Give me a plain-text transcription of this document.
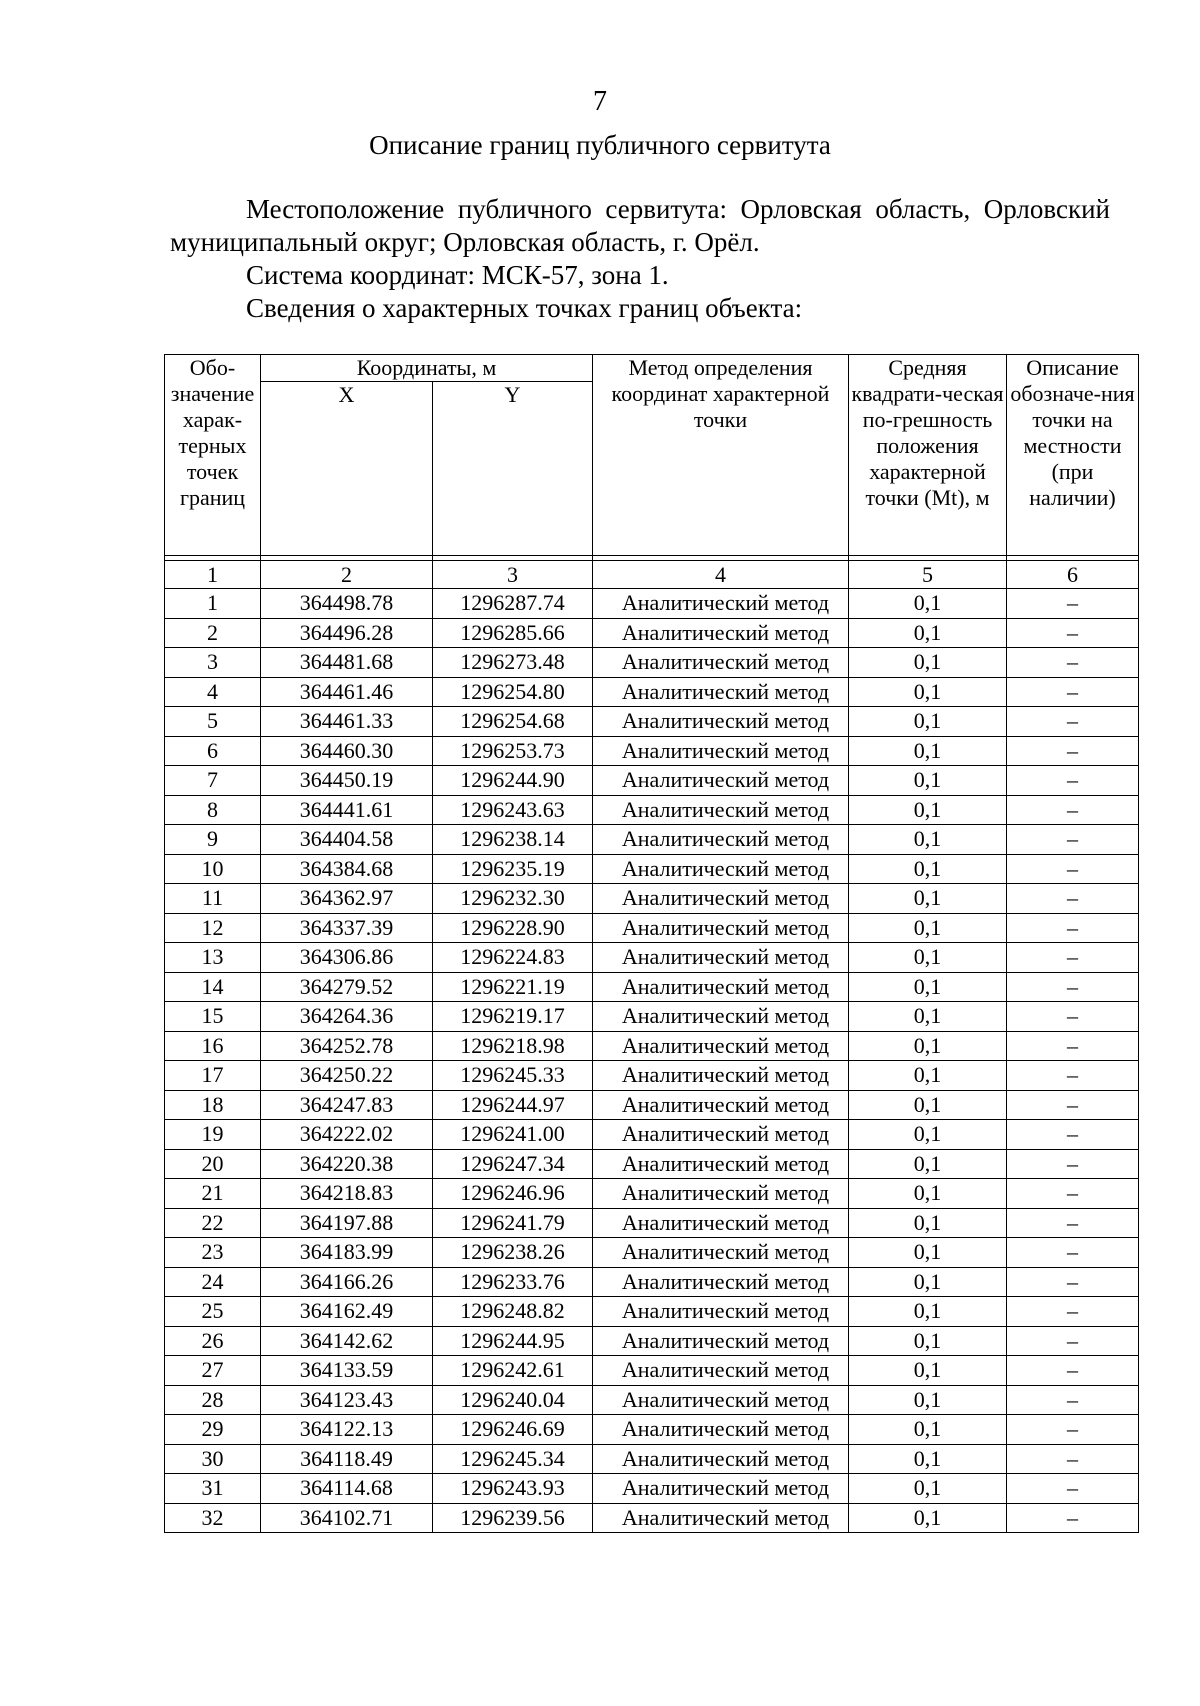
7
Описание границ публичного сервитута
Местоположение публичного сервитута: Орловская область, Орловский муниципальный округ; Орловская область, г. Орёл.
Система координат: МСК-57, зона 1.
Сведения о характерных точках границ объекта:
Обо-значение харак-терных точек границ	Координаты, м		Метод определения координат характерной точки	Средняя квадрати-ческая по-грешность положения характерной точки (Mt), м	Описание обозначе-ния точки на местности (при наличии)
	X	Y			

1	2	3	4	5	6
1	364498.78	1296287.74	Аналитический метод	0,1	–
2	364496.28	1296285.66	Аналитический метод	0,1	–
3	364481.68	1296273.48	Аналитический метод	0,1	–
4	364461.46	1296254.80	Аналитический метод	0,1	–
5	364461.33	1296254.68	Аналитический метод	0,1	–
6	364460.30	1296253.73	Аналитический метод	0,1	–
7	364450.19	1296244.90	Аналитический метод	0,1	–
8	364441.61	1296243.63	Аналитический метод	0,1	–
9	364404.58	1296238.14	Аналитический метод	0,1	–
10	364384.68	1296235.19	Аналитический метод	0,1	–
11	364362.97	1296232.30	Аналитический метод	0,1	–
12	364337.39	1296228.90	Аналитический метод	0,1	–
13	364306.86	1296224.83	Аналитический метод	0,1	–
14	364279.52	1296221.19	Аналитический метод	0,1	–
15	364264.36	1296219.17	Аналитический метод	0,1	–
16	364252.78	1296218.98	Аналитический метод	0,1	–
17	364250.22	1296245.33	Аналитический метод	0,1	–
18	364247.83	1296244.97	Аналитический метод	0,1	–
19	364222.02	1296241.00	Аналитический метод	0,1	–
20	364220.38	1296247.34	Аналитический метод	0,1	–
21	364218.83	1296246.96	Аналитический метод	0,1	–
22	364197.88	1296241.79	Аналитический метод	0,1	–
23	364183.99	1296238.26	Аналитический метод	0,1	–
24	364166.26	1296233.76	Аналитический метод	0,1	–
25	364162.49	1296248.82	Аналитический метод	0,1	–
26	364142.62	1296244.95	Аналитический метод	0,1	–
27	364133.59	1296242.61	Аналитический метод	0,1	–
28	364123.43	1296240.04	Аналитический метод	0,1	–
29	364122.13	1296246.69	Аналитический метод	0,1	–
30	364118.49	1296245.34	Аналитический метод	0,1	–
31	364114.68	1296243.93	Аналитический метод	0,1	–
32	364102.71	1296239.56	Аналитический метод	0,1	–
